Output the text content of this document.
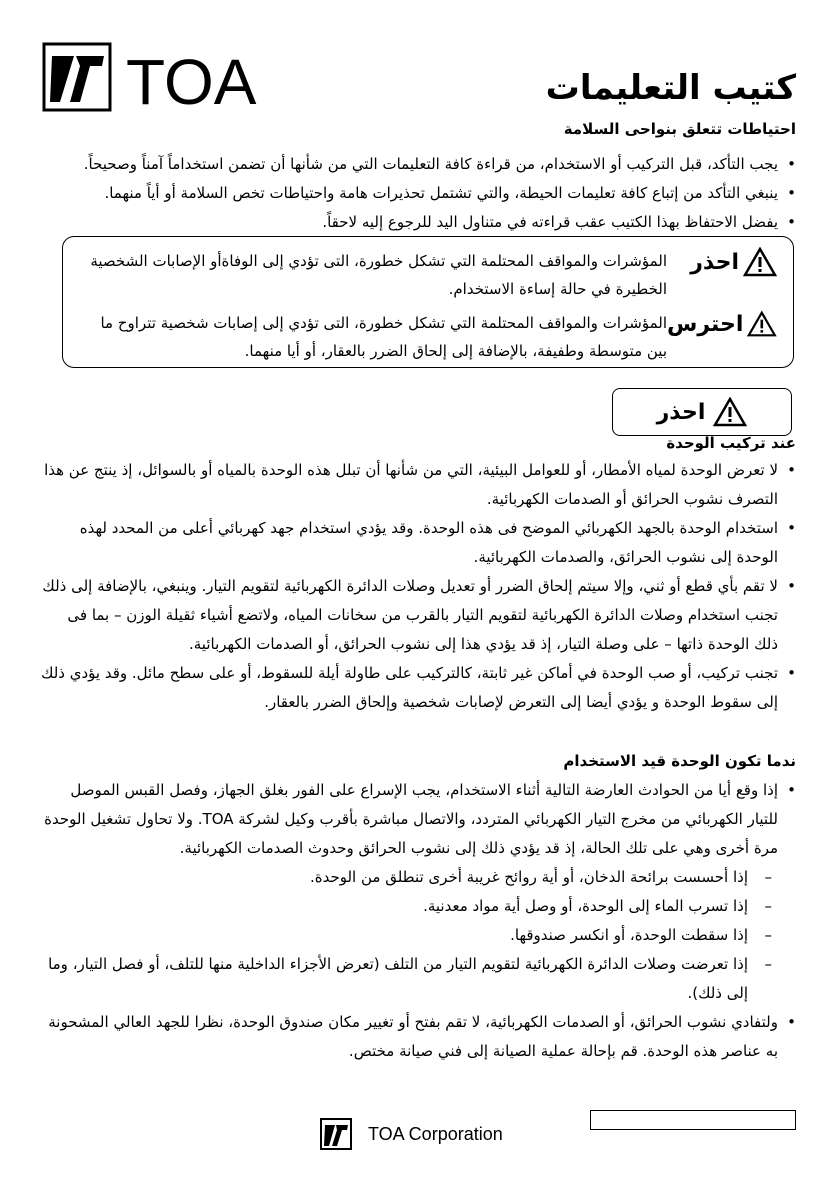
TOA	كتيب التعليمات
احتياطات تتعلق بنواحى السلامة
• يجب التأكد، قبل التركيب أو الاستخدام، من قراءة كافة التعليمات التي من شأنها أن تضمن استخداماً آمناً وصحيحاً.
• ينبغي التأكد من إتباع كافة تعليمات الحيطة، والتي تشتمل تحذيرات هامة واحتياطات تخص السلامة أو أياً منهما.
• يفضل الاحتفاظ بهذا الكتيب عقب قراءته في متناول اليد للرجوع إليه لاحقاً.
احذر
المؤشرات والمواقف المحتلمة التي تشكل خطورة، التى تؤدي إلى الوفاةأو الإصابات الشخصية الخطيرة في حالة إساءة الاستخدام.
احترس
المؤشرات والمواقف المحتلمة التي تشكل خطورة، التى تؤدي إلى إصابات شخصية تتراوح ما بين متوسطة وطفيفة، بالإضافة إلى إلحاق الضرر بالعقار، أو أيا منهما.
احذر
عند تركيب الوحدة
• لا تعرض الوحدة لمياه الأمطار، أو للعوامل البيئية، التي من شأنها أن تبلل هذه الوحدة بالمياه أو بالسوائل، إذ ينتج عن هذا التصرف نشوب الحرائق أو الصدمات الكهربائية.
• استخدام الوحدة بالجهد الكهربائي الموضح فى هذه الوحدة. وقد يؤدي استخدام جهد كهربائي أعلى من المحدد لهذه الوحدة إلى نشوب الحرائق، والصدمات الكهربائية.
• لا تقم بأي قطع أو ثني، وإلا سيتم إلحاق الضرر أو تعديل وصلات الدائرة الكهربائية لتقويم التيار. وينبغي، بالإضافة إلى ذلك تجنب استخدام وصلات الدائرة الكهربائية لتقويم التيار بالقرب من سخانات المياه، ولاتضع أشياء ثقيلة الوزن – بما فى ذلك الوحدة ذاتها – على وصلة التيار، إذ قد يؤدي هذا إلى نشوب الحرائق، أو الصدمات الكهربائية.
• تجنب تركيب، أو صب الوحدة في أماكن غير ثابتة، كالتركيب على طاولة أيلة للسقوط، أو على سطح مائل. وقد يؤدي ذلك إلى سقوط الوحدة و يؤدي أيضا إلى التعرض لإصابات شخصية وإلحاق الضرر بالعقار.
ندما تكون الوحدة قيد الاستخدام
• إذا وقع أيا من الحوادث العارضة التالية أثناء الاستخدام، يجب الإسراع على الفور بغلق الجهاز، وفصل القبس الموصل للتيار الكهربائي من مخرج التيار الكهربائي المتردد، والاتصال مباشرة بأقرب وكيل لشركة TOA. ولا تحاول تشغيل الوحدة مرة أخرى وهي على تلك الحالة، إذ قد يؤدي ذلك إلى نشوب الحرائق وحدوث الصدمات الكهربائية.
– إذا أحسست برائحة الدخان، أو أية روائح غريبة أخرى تنطلق من الوحدة.
– إذا تسرب الماء إلى الوحدة، أو وصل أية مواد معدنية.
– إذا سقطت الوحدة، أو انكسر صندوقها.
– إذا تعرضت وصلات الدائرة الكهربائية لتقويم التيار من التلف (تعرض الأجزاء الداخلية منها للتلف، أو فصل التيار، وما إلى ذلك).
• ولتفادي نشوب الحرائق، أو الصدمات الكهربائية، لا تقم بفتح أو تغيير مكان صندوق الوحدة، نظرا للجهد العالي المشحونة به عناصر هذه الوحدة. قم بإحالة عملية الصيانة إلى فني صيانة مختص.
TOA Corporation
